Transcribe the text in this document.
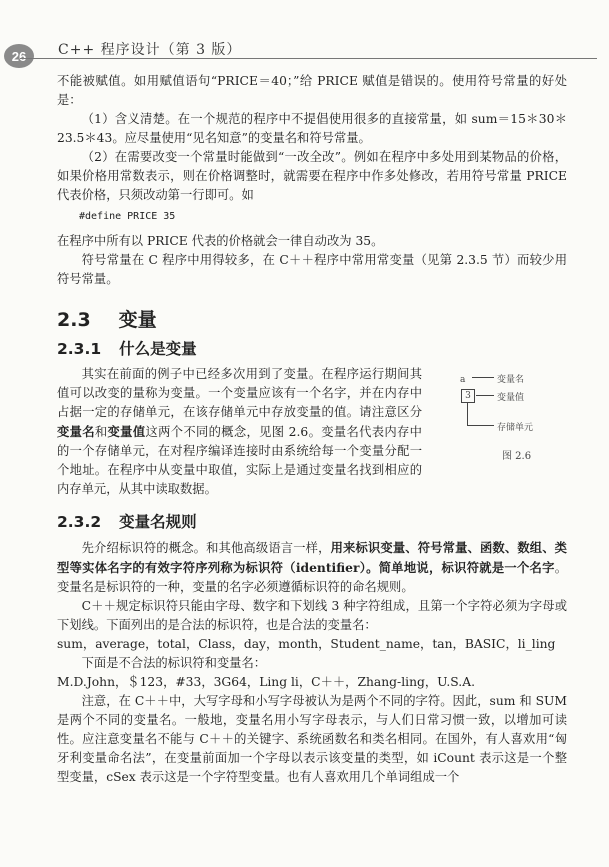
26	C++ 程序设计（第 3 版）

不能被赋值。如用赋值语句“PRICE＝40；”给 PRICE 赋值是错误的。使用符号常量的好处是：

（1）含义清楚。在一个规范的程序中不提倡使用很多的直接常量，如 sum＝15＊30＊23.5＊43。应尽量使用“见名知意”的变量名和符号常量。

（2）在需要改变一个常量时能做到“一改全改”。例如在程序中多处用到某物品的价格，如果价格用常数表示，则在价格调整时，就需要在程序中作多处修改，若用符号常量 PRICE 代表价格，只须改动第一行即可。如

#define PRICE 35

在程序中所有以 PRICE 代表的价格就会一律自动改为 35。

符号常量在 C 程序中用得较多，在 C＋＋程序中常用常变量（见第 2.3.5 节）而较少用符号常量。

2.3 变量
2.3.1 什么是变量

其实在前面的例子中已经多次用到了变量。在程序运行期间其值可以改变的量称为变量。一个变量应该有一个名字，并在内存中占据一定的存储单元，在该存储单元中存放变量的值。请注意区分变量名和变量值这两个不同的概念，见图 2.6。变量名代表内存中的一个存储单元，在对程序编译连接时由系统给每一个变量分配一个地址。在程序中从变量中取值，实际上是通过变量名找到相应的内存单元，从其中读取数据。

a	变量名
3	变量值
存储单元
图 2.6
2.3.2 变量名规则

先介绍标识符的概念。和其他高级语言一样，用来标识变量、符号常量、函数、数组、类型等实体名字的有效字符序列称为标识符（identifier）。简单地说，标识符就是一个名字。变量名是标识符的一种，变量的名字必须遵循标识符的命名规则。

C＋＋规定标识符只能由字母、数字和下划线 3 种字符组成，且第一个字符必须为字母或下划线。下面列出的是合法的标识符，也是合法的变量名：

sum，average，total，Class，day，month，Student_name，tan，BASIC，li_ling

下面是不合法的标识符和变量名：

M.D.John，＄123，#33，3G64，Ling li，C＋＋，Zhang-ling，U.S.A.

注意，在 C＋＋中，大写字母和小写字母被认为是两个不同的字符。因此，sum 和 SUM 是两个不同的变量名。一般地，变量名用小写字母表示，与人们日常习惯一致，以增加可读性。应注意变量名不能与 C＋＋的关键字、系统函数名和类名相同。在国外，有人喜欢用“匈牙利变量命名法”，在变量前面加一个字母以表示该变量的类型，如 iCount 表示这是一个整型变量，cSex 表示这是一个字符型变量。也有人喜欢用几个单词组成一个
